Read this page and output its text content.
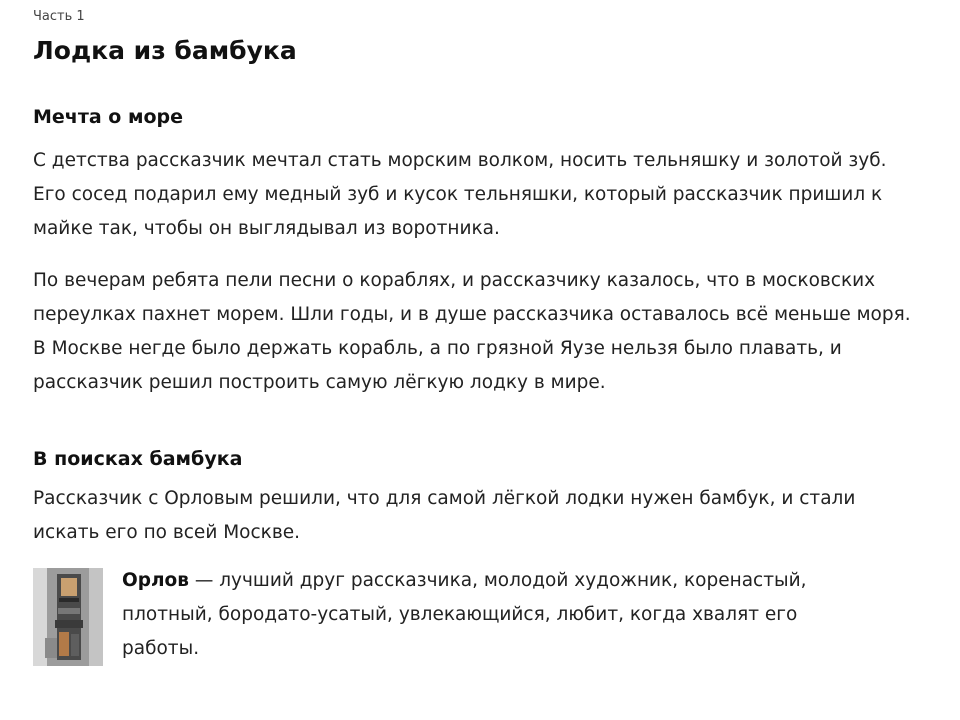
Часть 1

Лодка из бамбука
Мечта о море

С детства рассказчик мечтал стать морским волком, носить тельняшку и золотой зуб. Его сосед подарил ему медный зуб и кусок тельняшки, который рассказчик пришил к майке так, чтобы он выглядывал из воротника.

По вечерам ребята пели песни о кораблях, и рассказчику казалось, что в московских переулках пахнет морем. Шли годы, и в душе рассказчика оставалось всё меньше моря. В Москве негде было держать корабль, а по грязной Яузе нельзя было плавать, и рассказчик решил построить самую лёгкую лодку в мире.

В поисках бамбука

Рассказчик с Орловым решили, что для самой лёгкой лодки нужен бамбук, и стали искать его по всей Москве.

Орлов — лучший друг рассказчика, молодой художник, коренастый, плотный, бородато-усатый, увлекающийся, любит, когда хвалят его работы.
